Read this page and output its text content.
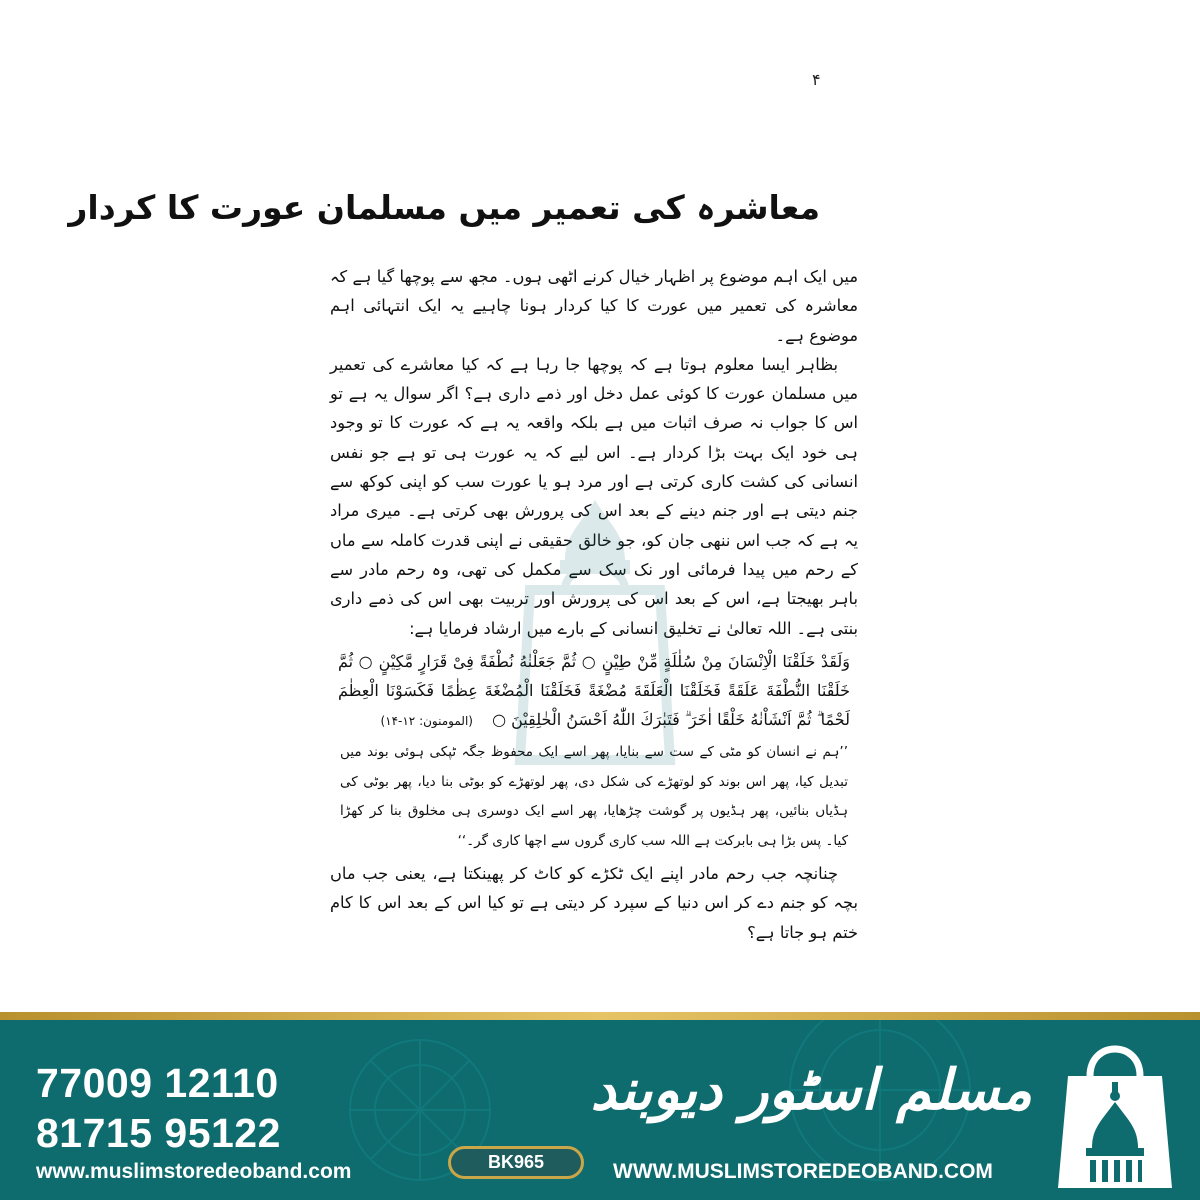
۴
معاشرہ کی تعمیر میں مسلمان عورت کا کردار

میں ایک اہم موضوع پر اظہار خیال کرنے اٹھی ہوں۔ مجھ سے پوچھا گیا ہے کہ معاشرہ کی تعمیر میں عورت کا کیا کردار ہونا چاہیے یہ ایک انتہائی اہم موضوع ہے۔

بظاہر ایسا معلوم ہوتا ہے کہ پوچھا جا رہا ہے کہ کیا معاشرے کی تعمیر میں مسلمان عورت کا کوئی عمل دخل اور ذمے داری ہے؟ اگر سوال یہ ہے تو اس کا جواب نہ صرف اثبات میں ہے بلکہ واقعہ یہ ہے کہ عورت کا تو وجود ہی خود ایک بہت بڑا کردار ہے۔ اس لیے کہ یہ عورت ہی تو ہے جو نفس انسانی کی کشت کاری کرتی ہے اور مرد ہو یا عورت سب کو اپنی کوکھ سے جنم دیتی ہے اور جنم دینے کے بعد اس کی پرورش بھی کرتی ہے۔ میری مراد یہ ہے کہ جب اس ننھی جان کو، جو خالق حقیقی نے اپنی قدرت کاملہ سے ماں کے رحم میں پیدا فرمائی اور نک سک سے مکمل کی تھی، وہ رحم مادر سے باہر بھیجتا ہے، اس کے بعد اس کی پرورش اور تربیت بھی اس کی ذمے داری بنتی ہے۔ اللہ تعالیٰ نے تخلیق انسانی کے بارے میں ارشاد فرمایا ہے:

وَلَقَدْ خَلَقْنَا الْاِنْسَانَ مِنْ سُلٰلَةٍ مِّنْ طِيْنٍ ○ ثُمَّ جَعَلْنٰهُ نُطْفَةً فِیْ قَرَارٍ مَّكِيْنٍ ○ ثُمَّ خَلَقْنَا النُّطْفَةَ عَلَقَةً فَخَلَقْنَا الْعَلَقَةَ مُضْغَةً فَخَلَقْنَا الْمُضْغَةَ عِظٰمًا فَكَسَوْنَا الْعِظٰمَ لَحْمًا ۗ ثُمَّ اَنْشَاْنٰهُ خَلْقًا اٰخَرَ ۗ فَتَبٰرَكَ اللّٰهُ اَحْسَنُ الْخٰلِقِيْنَ ○ (المومنون: ۱۲-۱۴)

’’ہم نے انسان کو مٹی کے ست سے بنایا، پھر اسے ایک محفوظ جگہ ٹپکی ہوئی بوند میں تبدیل کیا، پھر اس بوند کو لوتھڑے کی شکل دی، پھر لوتھڑے کو بوٹی بنا دیا، پھر بوٹی کی ہڈیاں بنائیں، پھر ہڈیوں پر گوشت چڑھایا، پھر اسے ایک دوسری ہی مخلوق بنا کر کھڑا کیا۔ پس بڑا ہی بابرکت ہے اللہ سب کاری گروں سے اچھا کاری گر۔‘‘

چنانچہ جب رحم مادر اپنے ایک ٹکڑے کو کاٹ کر پھینکتا ہے، یعنی جب ماں بچہ کو جنم دے کر اس دنیا کے سپرد کر دیتی ہے تو کیا اس کے بعد اس کا کام ختم ہو جاتا ہے؟

77009 12110
81715 95122
www.muslimstoredeoband.com	BK965
مسلم اسٹور دیوبند
WWW.MUSLIMSTOREDEOBAND.COM
